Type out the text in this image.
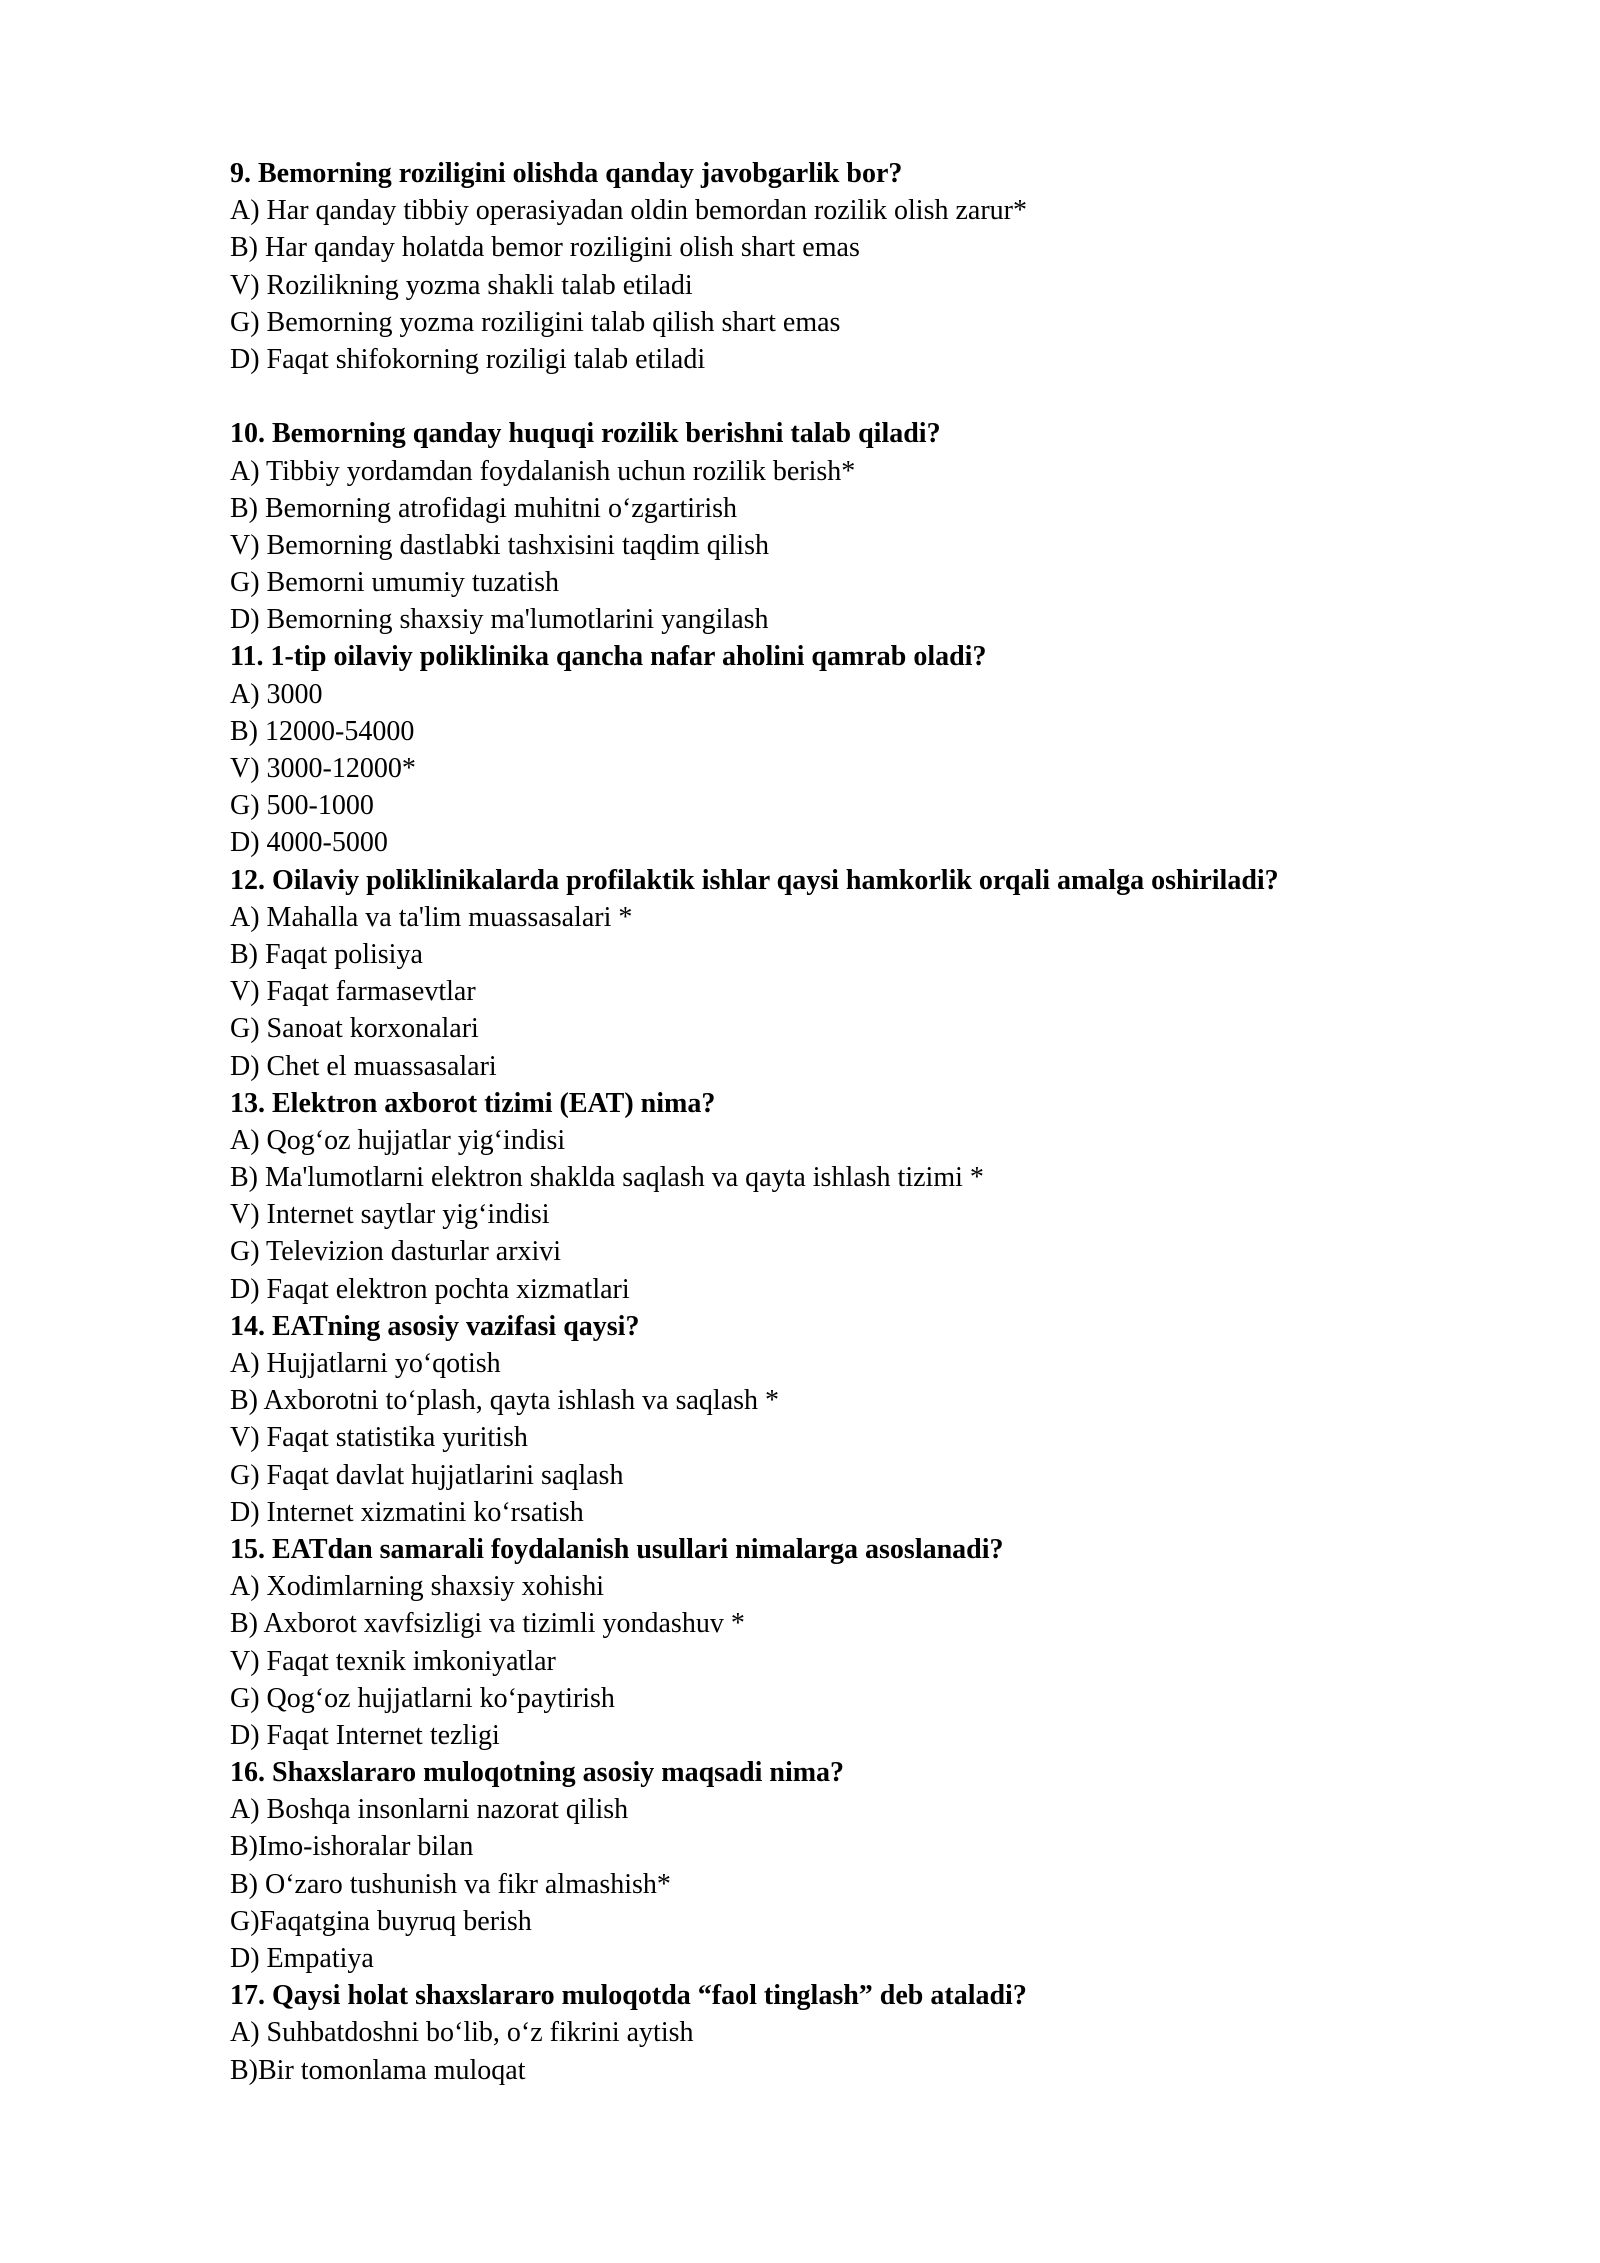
9. Bemorning roziligini olishda qanday javobgarlik bor?
A) Har qanday tibbiy operasiyadan oldin bemordan rozilik olish zarur*
B) Har qanday holatda bemor roziligini olish shart emas
V) Rozilikning yozma shakli talab etiladi
G) Bemorning yozma roziligini talab qilish shart emas
D) Faqat shifokorning roziligi talab etiladi
10. Bemorning qanday huquqi rozilik berishni talab qiladi?
A) Tibbiy yordamdan foydalanish uchun rozilik berish*
B) Bemorning atrofidagi muhitni o‘zgartirish
V) Bemorning dastlabki tashxisini taqdim qilish
G) Bemorni umumiy tuzatish
D) Bemorning shaxsiy ma'lumotlarini yangilash
11. 1-tip oilaviy poliklinika qancha nafar aholini qamrab oladi?
A) 3000
B) 12000-54000
V) 3000-12000*
G) 500-1000
D) 4000-5000
12. Oilaviy poliklinikalarda profilaktik ishlar qaysi hamkorlik orqali amalga oshiriladi?
A) Mahalla va ta'lim muassasalari *
B) Faqat polisiya
V) Faqat farmasevtlar
G) Sanoat korxonalari
D) Chet el muassasalari
13. Elektron axborot tizimi (EAT) nima?
A) Qog‘oz hujjatlar yig‘indisi
B) Ma'lumotlarni elektron shaklda saqlash va qayta ishlash tizimi *
V) Internet saytlar yig‘indisi
G) Televizion dasturlar arxivi
D) Faqat elektron pochta xizmatlari
14. EATning asosiy vazifasi qaysi?
A) Hujjatlarni yo‘qotish
B) Axborotni to‘plash, qayta ishlash va saqlash *
V) Faqat statistika yuritish
G) Faqat davlat hujjatlarini saqlash
D) Internet xizmatini ko‘rsatish
15. EATdan samarali foydalanish usullari nimalarga asoslanadi?
A) Xodimlarning shaxsiy xohishi
B) Axborot xavfsizligi va tizimli yondashuv *
V) Faqat texnik imkoniyatlar
G) Qog‘oz hujjatlarni ko‘paytirish
D) Faqat Internet tezligi
16. Shaxslararo muloqotning asosiy maqsadi nima?
A) Boshqa insonlarni nazorat qilish
B)Imo-ishoralar bilan
B) O‘zaro tushunish va fikr almashish*
G)Faqatgina buyruq berish
D) Empatiya
17. Qaysi holat shaxslararo muloqotda “faol tinglash” deb ataladi?
A) Suhbatdoshni bo‘lib, o‘z fikrini aytish
B)Bir tomonlama muloqat
